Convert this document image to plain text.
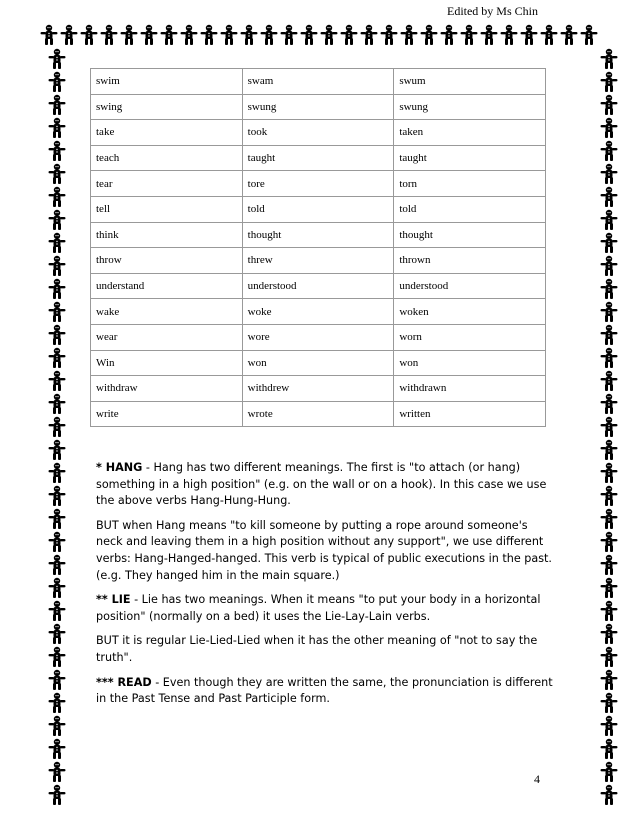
Edited by Ms Chin
swim	swam	swum
swing	swung	swung
take	took	taken
teach	taught	taught
tear	tore	torn
tell	told	told
think	thought	thought
throw	threw	thrown
understand	understood	understood
wake	woke	woken
wear	wore	worn
Win	won	won
withdraw	withdrew	withdrawn
write	wrote	written

* HANG - Hang has two different meanings. The first is "to attach (or hang) something in a high position" (e.g. on the wall or on a hook). In this case we use the above verbs Hang-Hung-Hung.

BUT when Hang means "to kill someone by putting a rope around someone's neck and leaving them in a high position without any support", we use different verbs: Hang-Hanged-hanged. This verb is typical of public executions in the past. (e.g. They hanged him in the main square.)

** LIE - Lie has two meanings. When it means "to put your body in a horizontal position" (normally on a bed) it uses the Lie-Lay-Lain verbs.

BUT it is regular Lie-Lied-Lied when it has the other meaning of "not to say the truth".

*** READ - Even though they are written the same, the pronunciation is different in the Past Tense and Past Participle form.

4
